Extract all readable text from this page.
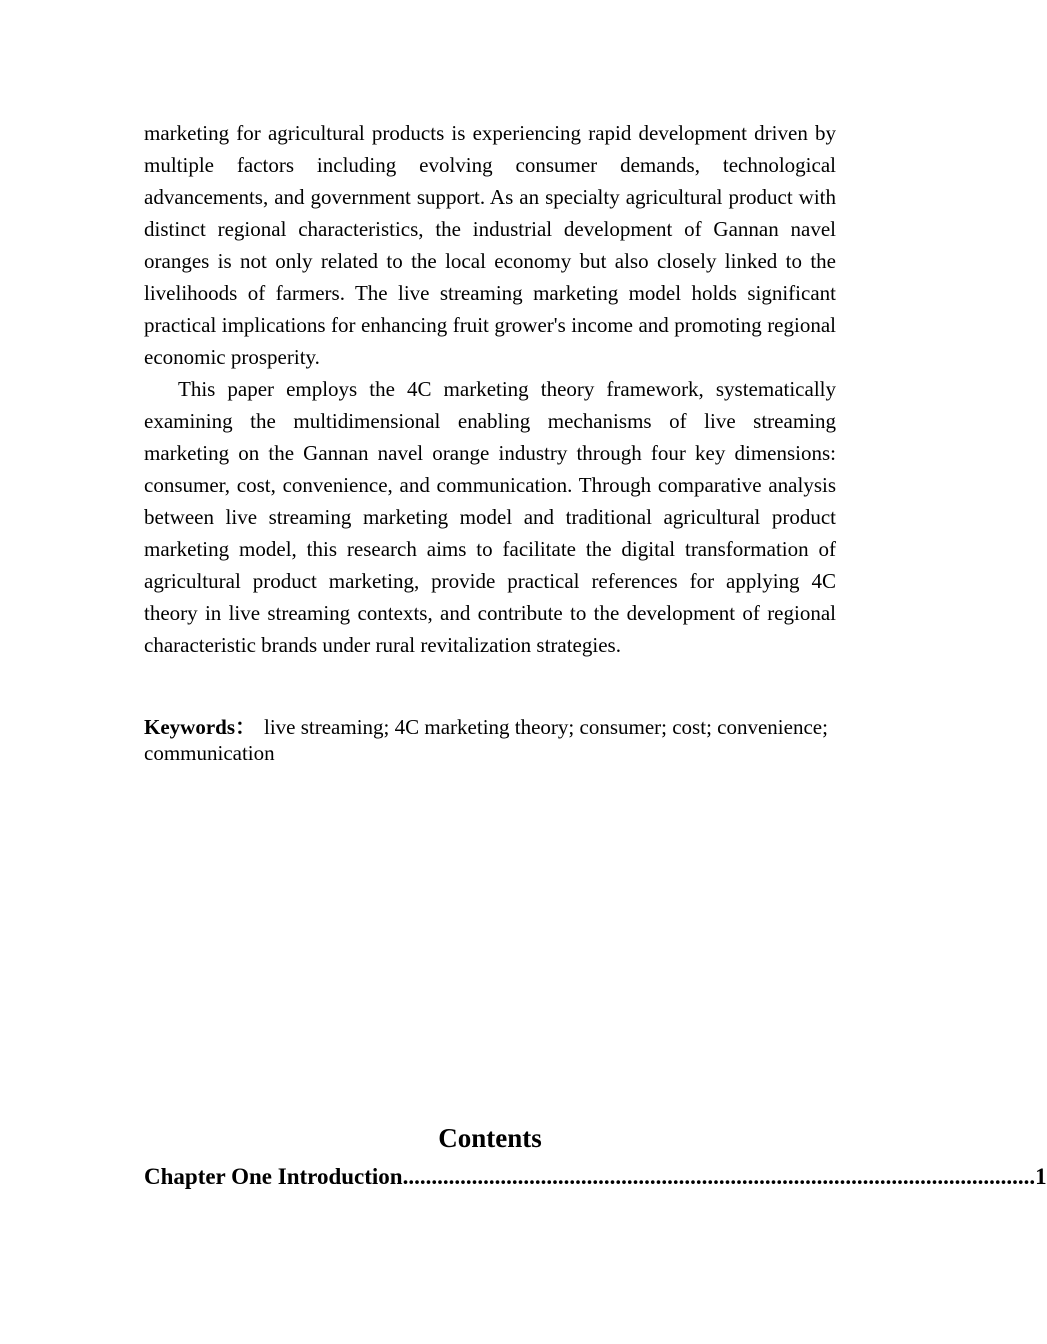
marketing for agricultural products is experiencing rapid development driven by multiple factors including evolving consumer demands, technological advancements, and government support. As an specialty agricultural product with distinct regional characteristics, the industrial development of Gannan navel oranges is not only related to the local economy but also closely linked to the livelihoods of farmers. The live streaming marketing model holds significant practical implications for enhancing fruit grower's income and promoting regional economic prosperity.

This paper employs the 4C marketing theory framework, systematically examining the multidimensional enabling mechanisms of live streaming marketing on the Gannan navel orange industry through four key dimensions: consumer, cost, convenience, and communication. Through comparative analysis between live streaming marketing model and traditional agricultural product marketing model, this research aims to facilitate the digital transformation of agricultural product marketing, provide practical references for applying 4C theory in live streaming contexts, and contribute to the development of regional characteristic brands under rural revitalization strategies.

Keywords： live streaming; 4C marketing theory; consumer; cost; convenience; communication

Contents
Chapter One Introduction .............................................................................................................. 1
